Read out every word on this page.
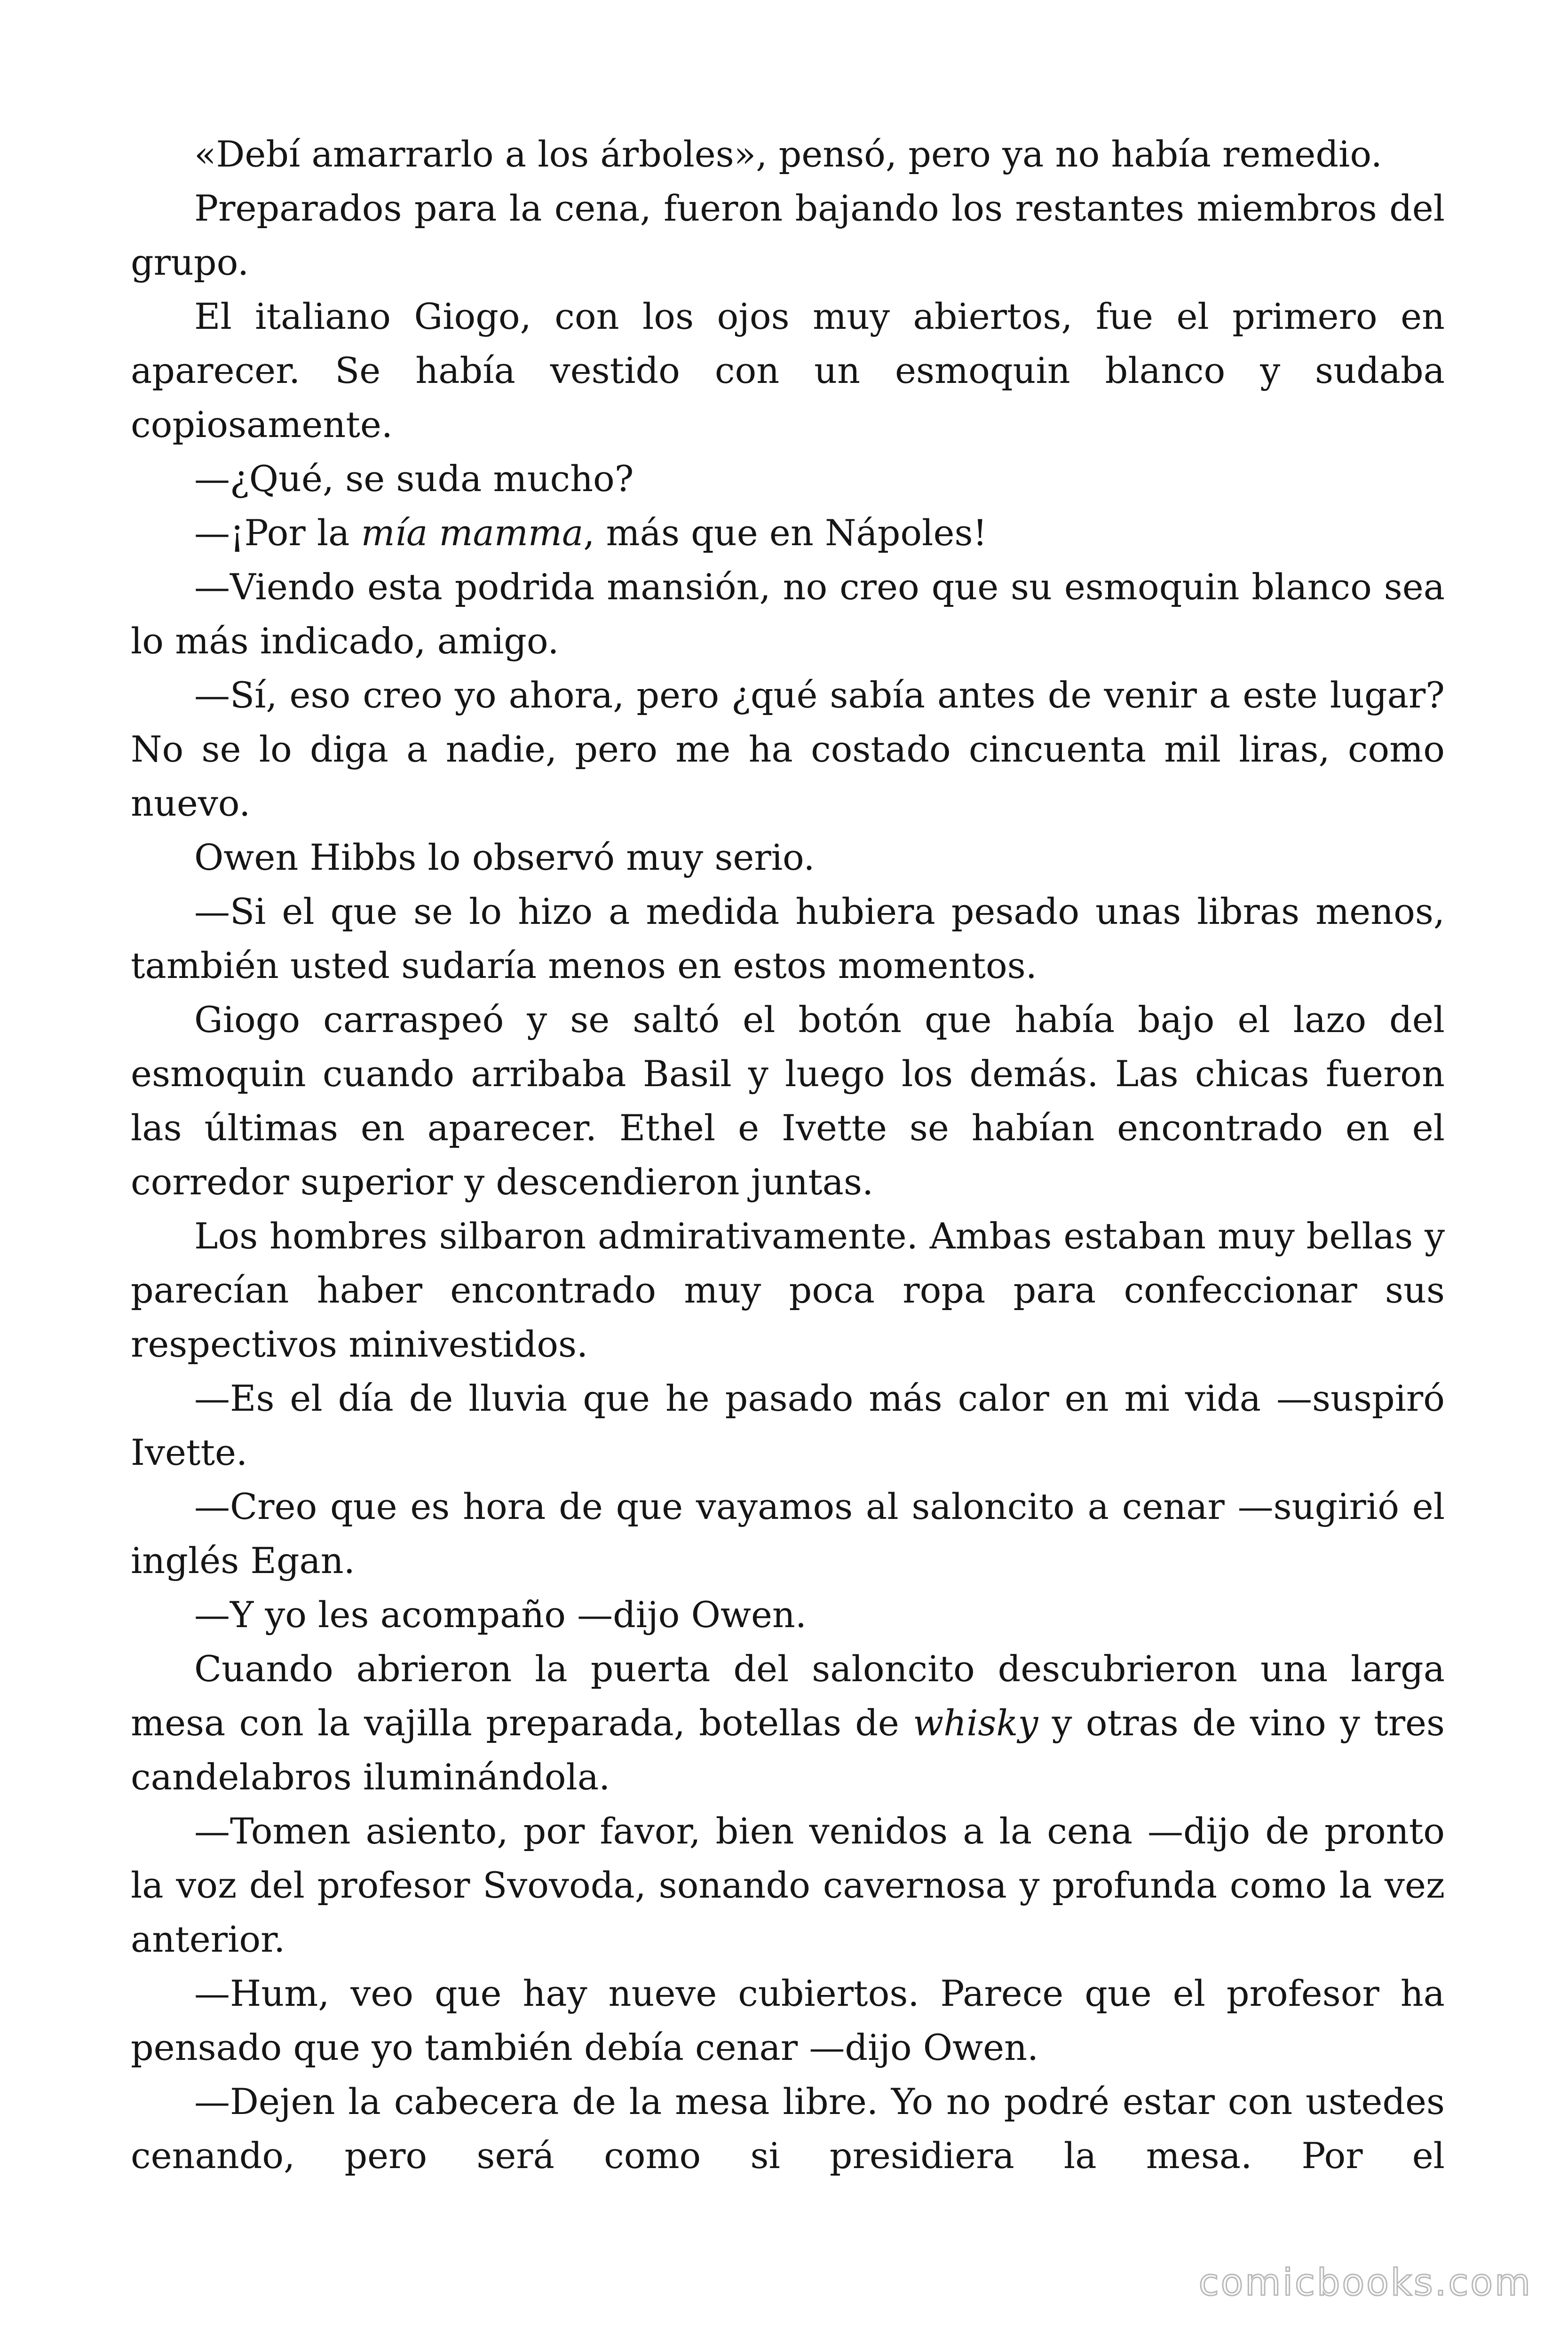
«Debí amarrarlo a los árboles», pensó, pero ya no había remedio.

Preparados para la cena, fueron bajando los restantes miembros del grupo.

El italiano Giogo, con los ojos muy abiertos, fue el primero en aparecer. Se había vestido con un esmoquin blanco y sudaba copiosamente.

—¿Qué, se suda mucho?

—¡Por la mía mamma, más que en Nápoles!

—Viendo esta podrida mansión, no creo que su esmoquin blanco sea lo más indicado, amigo.

—Sí, eso creo yo ahora, pero ¿qué sabía antes de venir a este lugar? No se lo diga a nadie, pero me ha costado cincuenta mil liras, como nuevo.

Owen Hibbs lo observó muy serio.

—Si el que se lo hizo a medida hubiera pesado unas libras menos, también usted sudaría menos en estos momentos.

Giogo carraspeó y se saltó el botón que había bajo el lazo del esmoquin cuando arribaba Basil y luego los demás. Las chicas fueron las últimas en aparecer. Ethel e Ivette se habían encontrado en el corredor superior y descendieron juntas.

Los hombres silbaron admirativamente. Ambas estaban muy bellas y parecían haber encontrado muy poca ropa para confeccionar sus respectivos minivestidos.

—Es el día de lluvia que he pasado más calor en mi vida —suspiró Ivette.

—Creo que es hora de que vayamos al saloncito a cenar —sugirió el inglés Egan.

—Y yo les acompaño —dijo Owen.

Cuando abrieron la puerta del saloncito descubrieron una larga mesa con la vajilla preparada, botellas de whisky y otras de vino y tres candelabros iluminándola.

—Tomen asiento, por favor, bien venidos a la cena —dijo de pronto la voz del profesor Svovoda, sonando cavernosa y profunda como la vez anterior.

—Hum, veo que hay nueve cubiertos. Parece que el profesor ha pensado que yo también debía cenar —dijo Owen.

—Dejen la cabecera de la mesa libre. Yo no podré estar con ustedes cenando, pero será como si presidiera la mesa. Por el

comicbooks.com
